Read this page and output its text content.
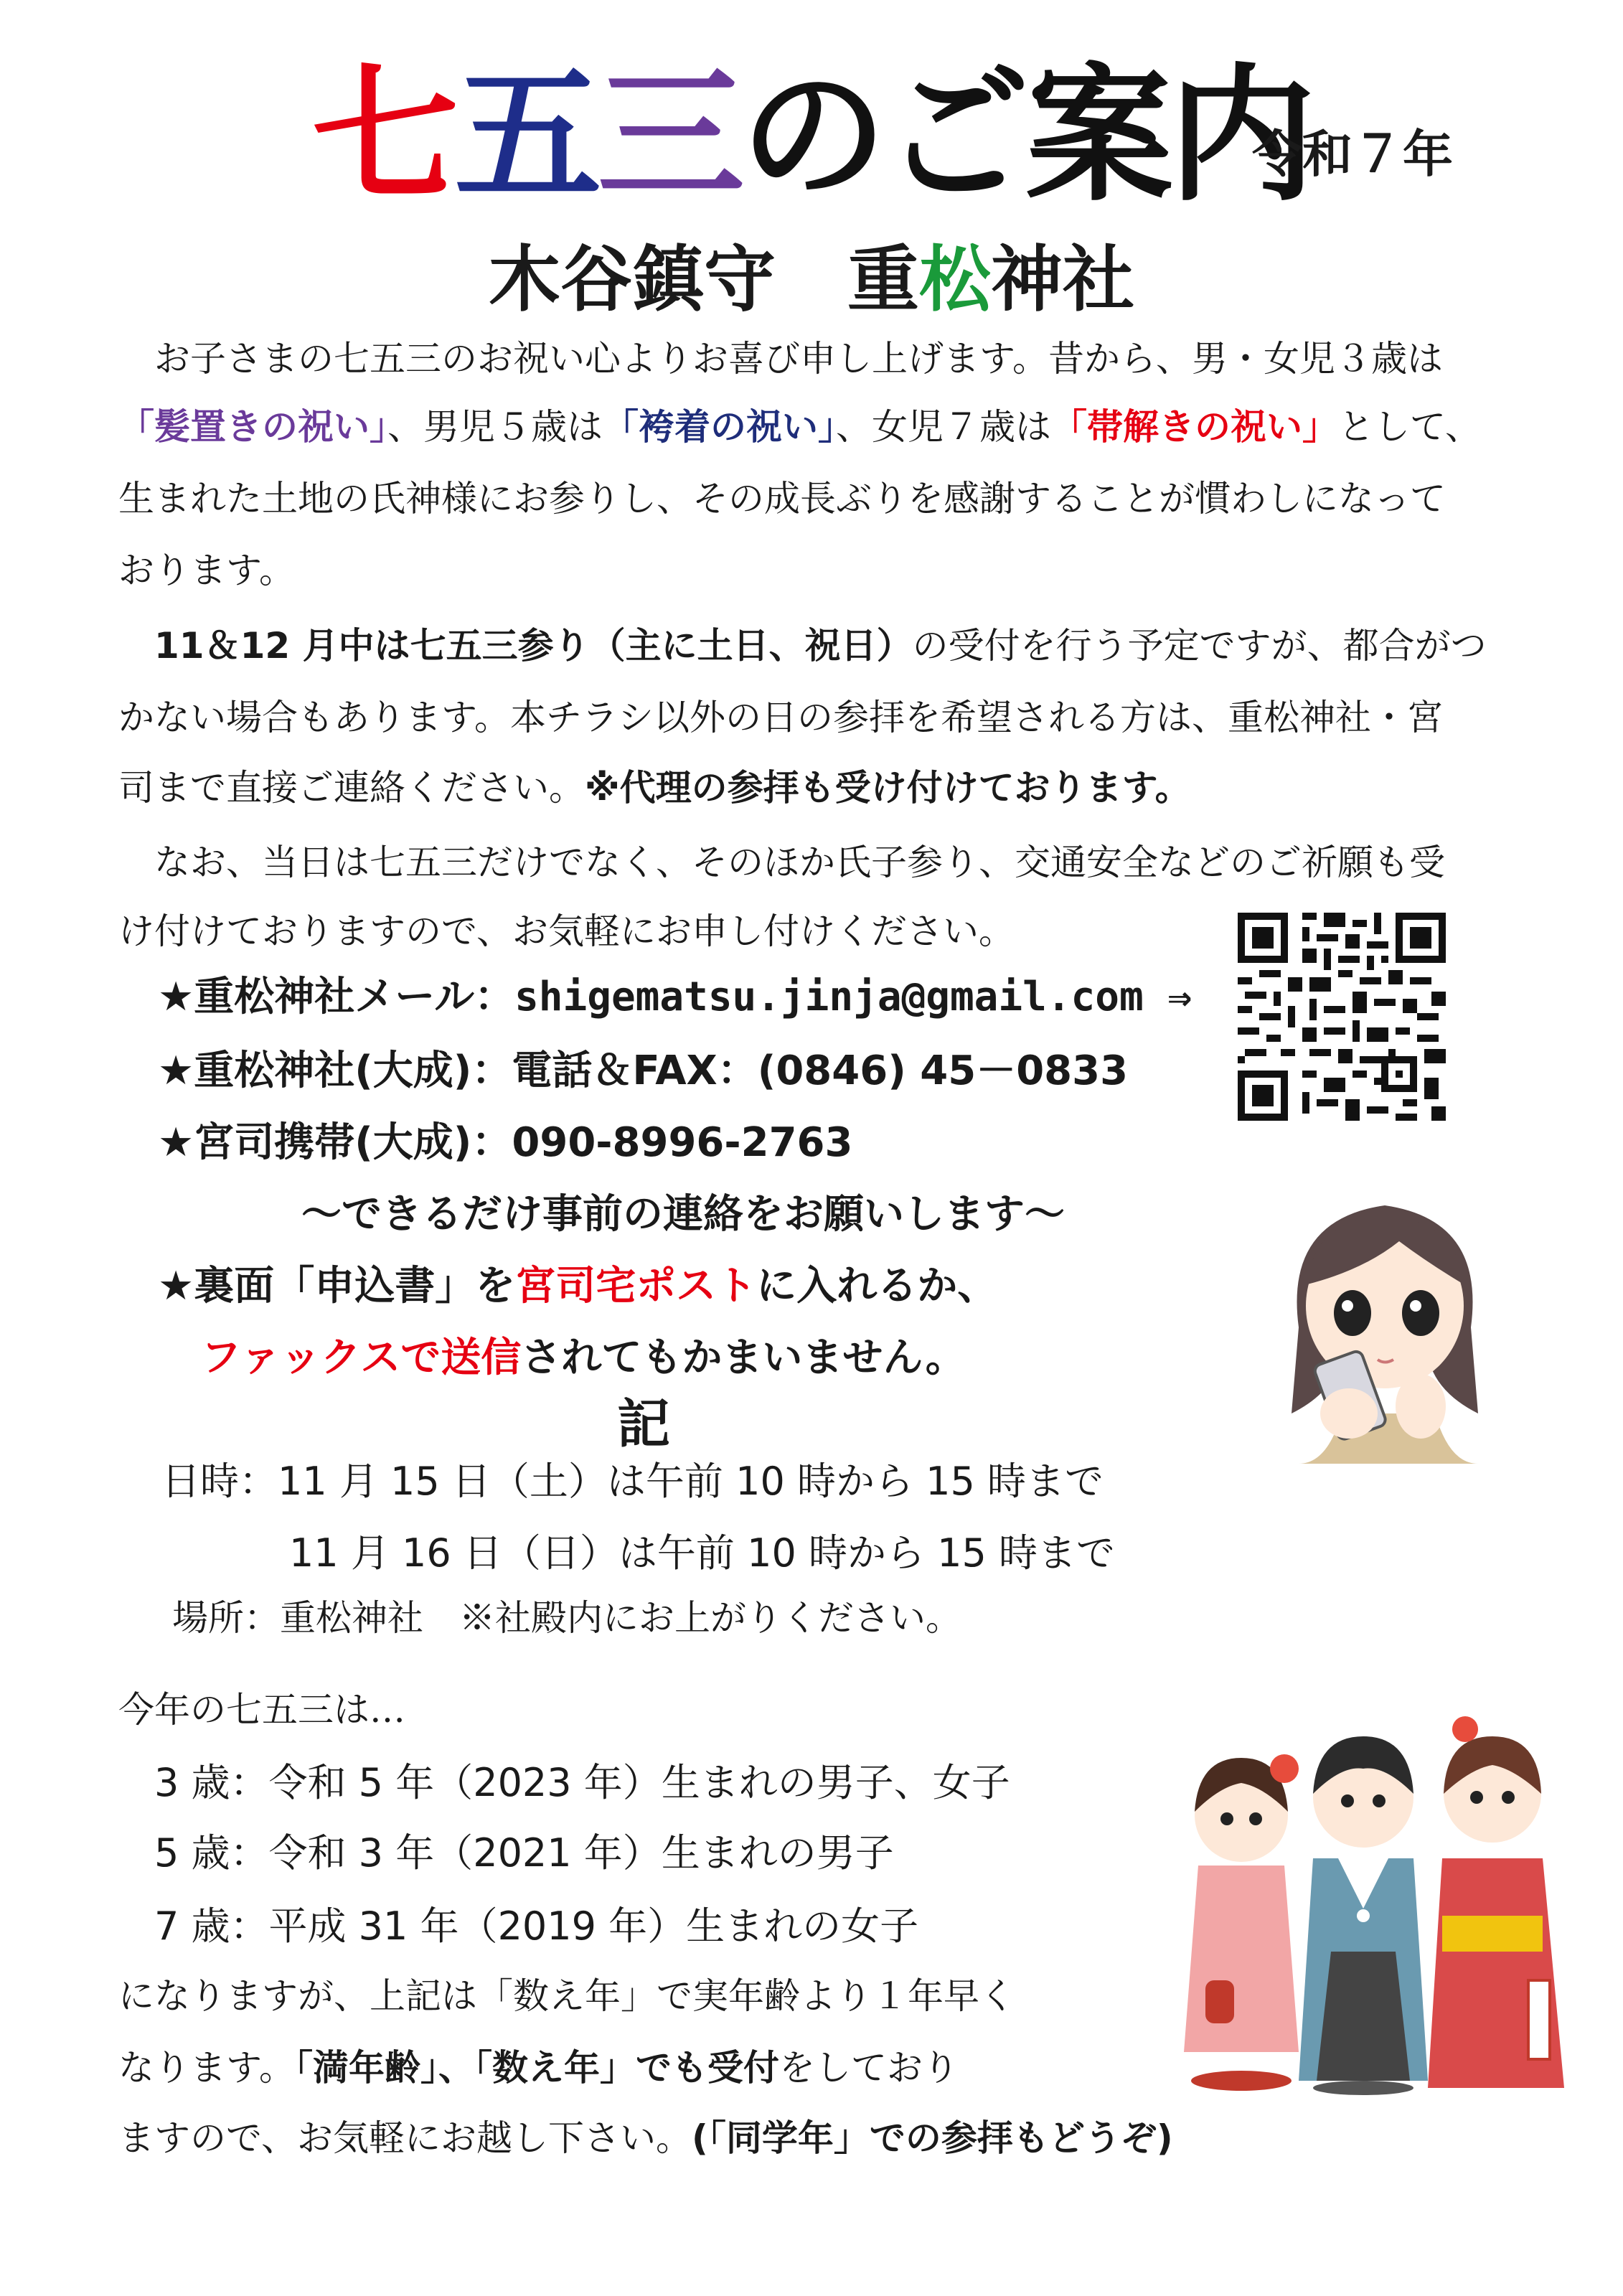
七五三のご案内
令和７年
木谷鎮守　重松神社
　お子さまの七五三のお祝い心よりお喜び申し上げます。昔から、男・女児３歳は
「髪置きの祝い」、男児５歳は「袴着の祝い」、女児７歳は「帯解きの祝い」として、
生まれた土地の氏神様にお参りし、その成長ぶりを感謝することが慣わしになって
おります。
　11＆12 月中は七五三参り（主に土日、祝日）の受付を行う予定ですが、都合がつ
かない場合もあります。本チラシ以外の日の参拝を希望される方は、重松神社・宮
司まで直接ご連絡ください。※代理の参拝も受け付けております。
　なお、当日は七五三だけでなく、そのほか氏子参り、交通安全などのご祈願も受
け付けておりますので、お気軽にお申し付けください。
★重松神社メール：shigematsu.jinja@gmail.com ⇒
★重松神社(大成)：電話＆FAX：(0846) 45－0833
★宮司携帯(大成)：090-8996-2763
～できるだけ事前の連絡をお願いします～
★裏面「申込書」を宮司宅ポストに入れるか、
ファックスで送信されてもかまいません。
記
日時：11 月 15 日（土）は午前 10 時から 15 時まで
11 月 16 日（日）は午前 10 時から 15 時まで
場所：重松神社　※社殿内にお上がりください。
今年の七五三は…
3 歳：令和 5 年（2023 年）生まれの男子、女子
5 歳：令和 3 年（2021 年）生まれの男子
7 歳：平成 31 年（2019 年）生まれの女子
になりますが、上記は「数え年」で実年齢より１年早く
なります。「満年齢」、「数え年」でも受付をしており
ますので、お気軽にお越し下さい。(「同学年」での参拝もどうぞ)
